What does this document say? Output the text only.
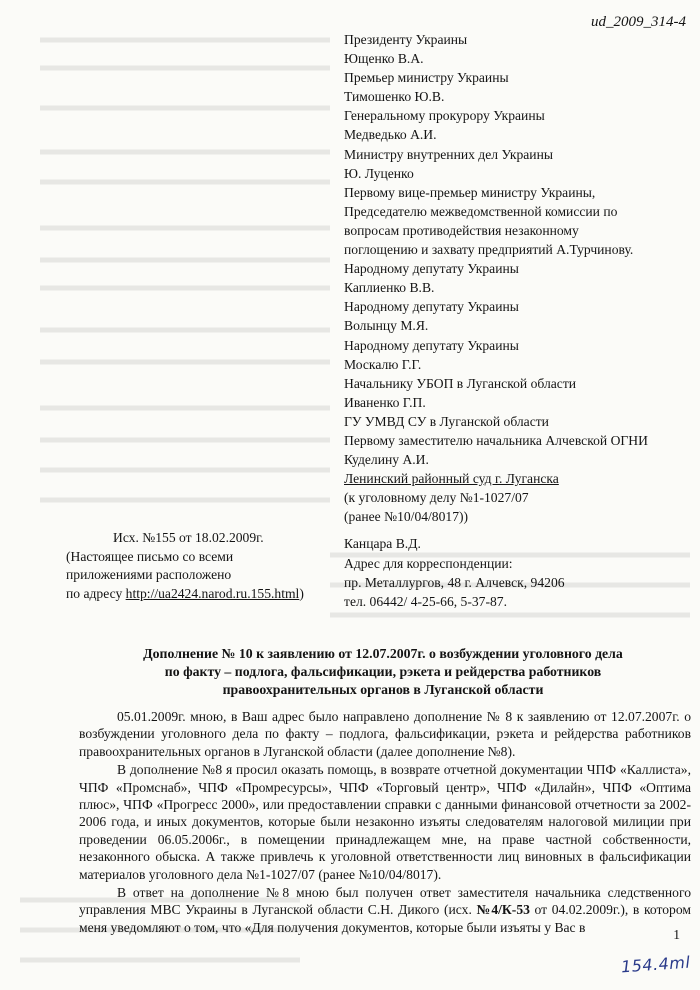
ud_2009_314-4
Президенту Украины
Ющенко В.А.
Премьер министру Украины
Тимошенко Ю.В.
Генеральному прокурору Украины
Медведько А.И.
Министру внутренних дел Украины
Ю. Луценко
Первому вице-премьер министру Украины,
Председателю межведомственной комиссии по
вопросам противодействия незаконному
поглощению и захвату предприятий А.Турчинову.
Народному депутату Украины
Каплиенко В.В.
Народному депутату Украины
Волынцу М.Я.
Народному депутату Украины
Москалю Г.Г.
Начальнику УБОП в Луганской области
Иваненко Г.П.
ГУ УМВД СУ в Луганской области
Первому заместителю начальника Алчевской ОГНИ
Куделину А.И.
Ленинский районный суд г. Луганска
(к уголовному делу №1-1027/07
(ранее №10/04/8017))
Канцара В.Д.
Адрес для корреспонденции:
пр. Металлургов, 48 г. Алчевск, 94206
тел. 06442/ 4-25-66, 5-37-87.
Исх. №155 от 18.02.2009г.
(Настоящее письмо со всеми
приложениями расположено
по адресу http://ua2424.narod.ru.155.html)
Дополнение № 10 к заявлению от 12.07.2007г. о возбуждении уголовного дела
по факту – подлога, фальсификации, рэкета и рейдерства работников
правоохранительных органов в Луганской области

05.01.2009г. мною, в Ваш адрес было направлено дополнение № 8 к заявлению от 12.07.2007г. о возбуждении уголовного дела по факту – подлога, фальсификации, рэкета и рейдерства работников правоохранительных органов в Луганской области (далее дополнение №8).

В дополнение №8 я просил оказать помощь, в возврате отчетной документации ЧПФ «Каллиста», ЧПФ «Промснаб», ЧПФ «Промресурсы», ЧПФ «Торговый центр», ЧПФ «Дилайн», ЧПФ «Оптима плюс», ЧПФ «Прогресс 2000», или предоставлении справки с данными финансовой отчетности за 2002-2006 года, и иных документов, которые были незаконно изъяты следователям налоговой милиции при проведении 06.05.2006г., в помещении принадлежащем мне, на праве частной собственности, незаконного обыска. А также привлечь к уголовной ответственности лиц виновных в фальсификации материалов уголовного дела №1-1027/07 (ранее №10/04/8017).

В ответ на дополнение №8 мною был получен ответ заместителя начальника следственного управления МВС Украины в Луганской области С.Н. Дикого (исх. №4/К-53 от 04.02.2009г.), в котором меня уведомляют о том, что «Для получения документов, которые были изъяты у Вас в	1
154.4ml
